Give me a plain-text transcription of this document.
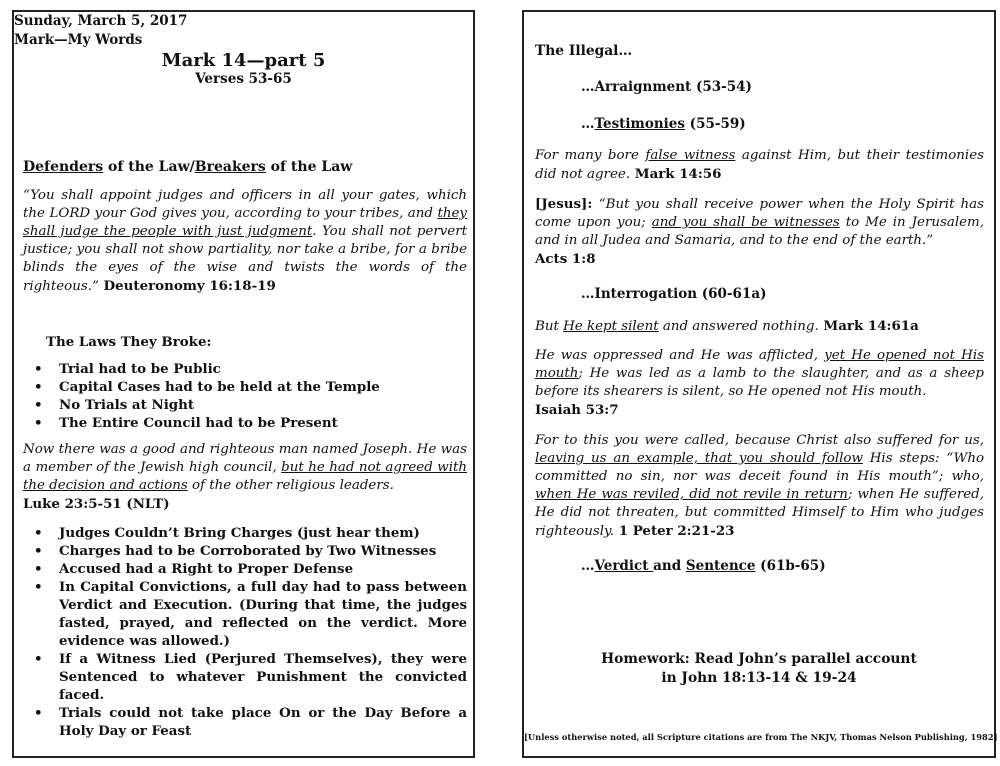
Sunday, March 5, 2017
Mark—My Words
Mark 14—part 5
Verses 53-65
Defenders of the Law/Breakers of the Law
“You shall appoint judges and officers in all your gates, which the LORD your God gives you, according to your tribes, and they shall judge the people with just judgment. You shall not pervert justice; you shall not show partiality, nor take a bribe, for a bribe blinds the eyes of the wise and twists the words of the righteous.” Deuteronomy 16:18-19
The Laws They Broke:
• Trial had to be Public
• Capital Cases had to be held at the Temple
• No Trials at Night
• The Entire Council had to be Present
Now there was a good and righteous man named Joseph. He was a member of the Jewish high council, but he had not agreed with the decision and actions of the other religious leaders.
Luke 23:5-51 (NLT)
• Judges Couldn’t Bring Charges (just hear them)
• Charges had to be Corroborated by Two Witnesses
• Accused had a Right to Proper Defense
• In Capital Convictions, a full day had to pass between Verdict and Execution. (During that time, the judges fasted, prayed, and reflected on the verdict. More evidence was allowed.)
• If a Witness Lied (Perjured Themselves), they were Sentenced to whatever Punishment the convicted faced.
• Trials could not take place On or the Day Before a Holy Day or Feast
The Illegal…
…Arraignment (53-54)
…Testimonies (55-59)
For many bore false witness against Him, but their testimonies did not agree. Mark 14:56
[Jesus]: “But you shall receive power when the Holy Spirit has come upon you; and you shall be witnesses to Me in Jerusalem, and in all Judea and Samaria, and to the end of the earth.”
Acts 1:8
…Interrogation (60-61a)
But He kept silent and answered nothing. Mark 14:61a
He was oppressed and He was afflicted, yet He opened not His mouth; He was led as a lamb to the slaughter, and as a sheep before its shearers is silent, so He opened not His mouth.
Isaiah 53:7
For to this you were called, because Christ also suffered for us, leaving us an example, that you should follow His steps: “Who committed no sin, nor was deceit found in His mouth”; who, when He was reviled, did not revile in return; when He suffered, He did not threaten, but committed Himself to Him who judges righteously. 1 Peter 2:21-23
…Verdict and Sentence (61b-65)
Homework: Read John’s parallel account
in John 18:13-14 & 19-24
[Unless otherwise noted, all Scripture citations are from The NKJV, Thomas Nelson Publishing, 1982]
